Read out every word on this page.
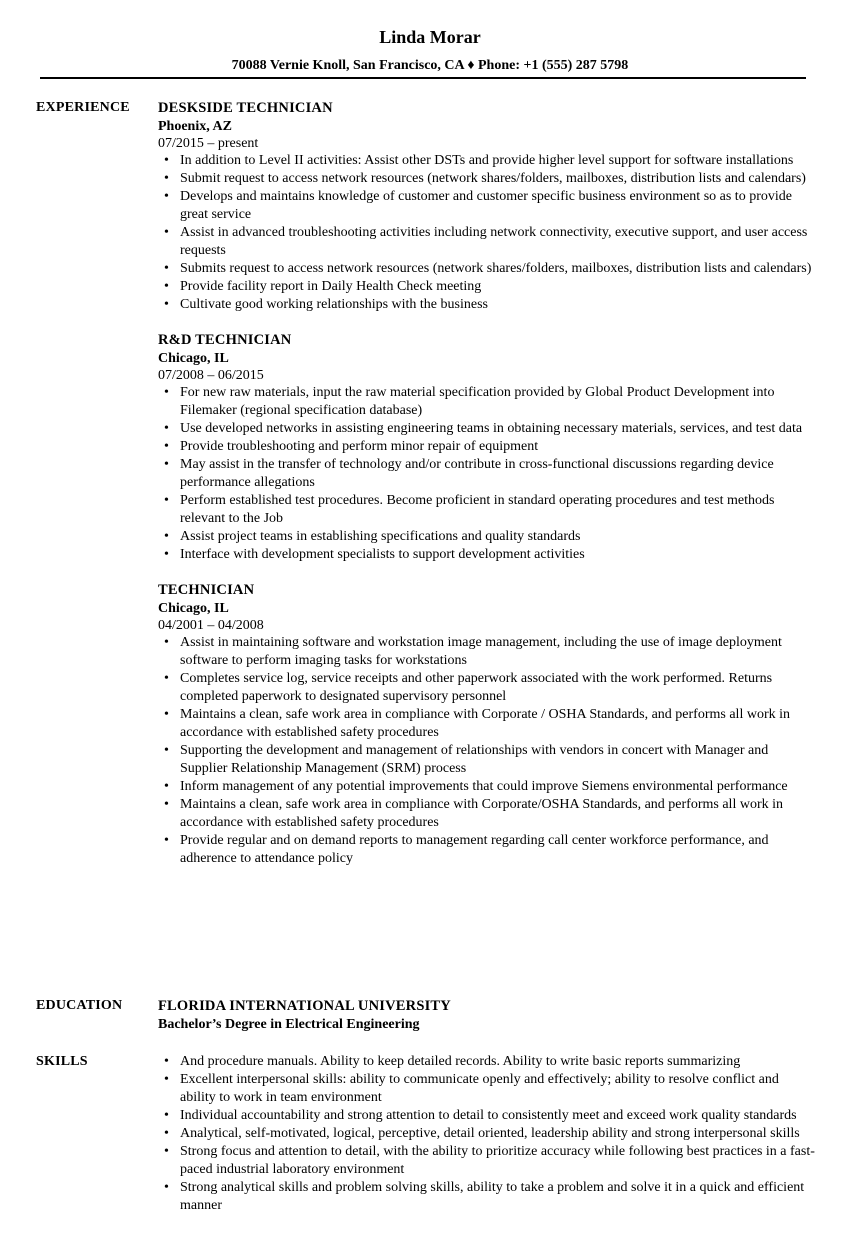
Linda Morar
70088 Vernie Knoll, San Francisco, CA ♦ Phone: +1 (555) 287 5798
EXPERIENCE DESKSIDE TECHNICIAN
Phoenix, AZ
07/2015 – present
• In addition to Level II activities: Assist other DSTs and provide higher level support for software installations
• Submit request to access network resources (network shares/folders, mailboxes, distribution lists and calendars)
• Develops and maintains knowledge of customer and customer specific business environment so as to provide great service
• Assist in advanced troubleshooting activities including network connectivity, executive support, and user access requests
• Submits request to access network resources (network shares/folders, mailboxes, distribution lists and calendars)
• Provide facility report in Daily Health Check meeting
• Cultivate good working relationships with the business
R&D TECHNICIAN
Chicago, IL
07/2008 – 06/2015
• For new raw materials, input the raw material specification provided by Global Product Development into Filemaker (regional specification database)
• Use developed networks in assisting engineering teams in obtaining necessary materials, services, and test data
• Provide troubleshooting and perform minor repair of equipment
• May assist in the transfer of technology and/or contribute in cross-functional discussions regarding device performance allegations
• Perform established test procedures. Become proficient in standard operating procedures and test methods relevant to the Job
• Assist project teams in establishing specifications and quality standards
• Interface with development specialists to support development activities
TECHNICIAN
Chicago, IL
04/2001 – 04/2008
• Assist in maintaining software and workstation image management, including the use of image deployment software to perform imaging tasks for workstations
• Completes service log, service receipts and other paperwork associated with the work performed. Returns completed paperwork to designated supervisory personnel
• Maintains a clean, safe work area in compliance with Corporate / OSHA Standards, and performs all work in accordance with established safety procedures
• Supporting the development and management of relationships with vendors in concert with Manager and Supplier Relationship Management (SRM) process
• Inform management of any potential improvements that could improve Siemens environmental performance
• Maintains a clean, safe work area in compliance with Corporate/OSHA Standards, and performs all work in accordance with established safety procedures
• Provide regular and on demand reports to management regarding call center workforce performance, and adherence to attendance policy
EDUCATION FLORIDA INTERNATIONAL UNIVERSITY
Bachelor’s Degree in Electrical Engineering
SKILLS
•	And procedure manuals. Ability to keep detailed records. Ability to write basic reports summarizing
• Excellent interpersonal skills: ability to communicate openly and effectively; ability to resolve conflict and ability to work in team environment
• Individual accountability and strong attention to detail to consistently meet and exceed work quality standards
• Analytical, self-motivated, logical, perceptive, detail oriented, leadership ability and strong interpersonal skills
• Strong focus and attention to detail, with the ability to prioritize accuracy while following best practices in a fast-paced industrial laboratory environment
• Strong analytical skills and problem solving skills, ability to take a problem and solve it in a quick and efficient manner
